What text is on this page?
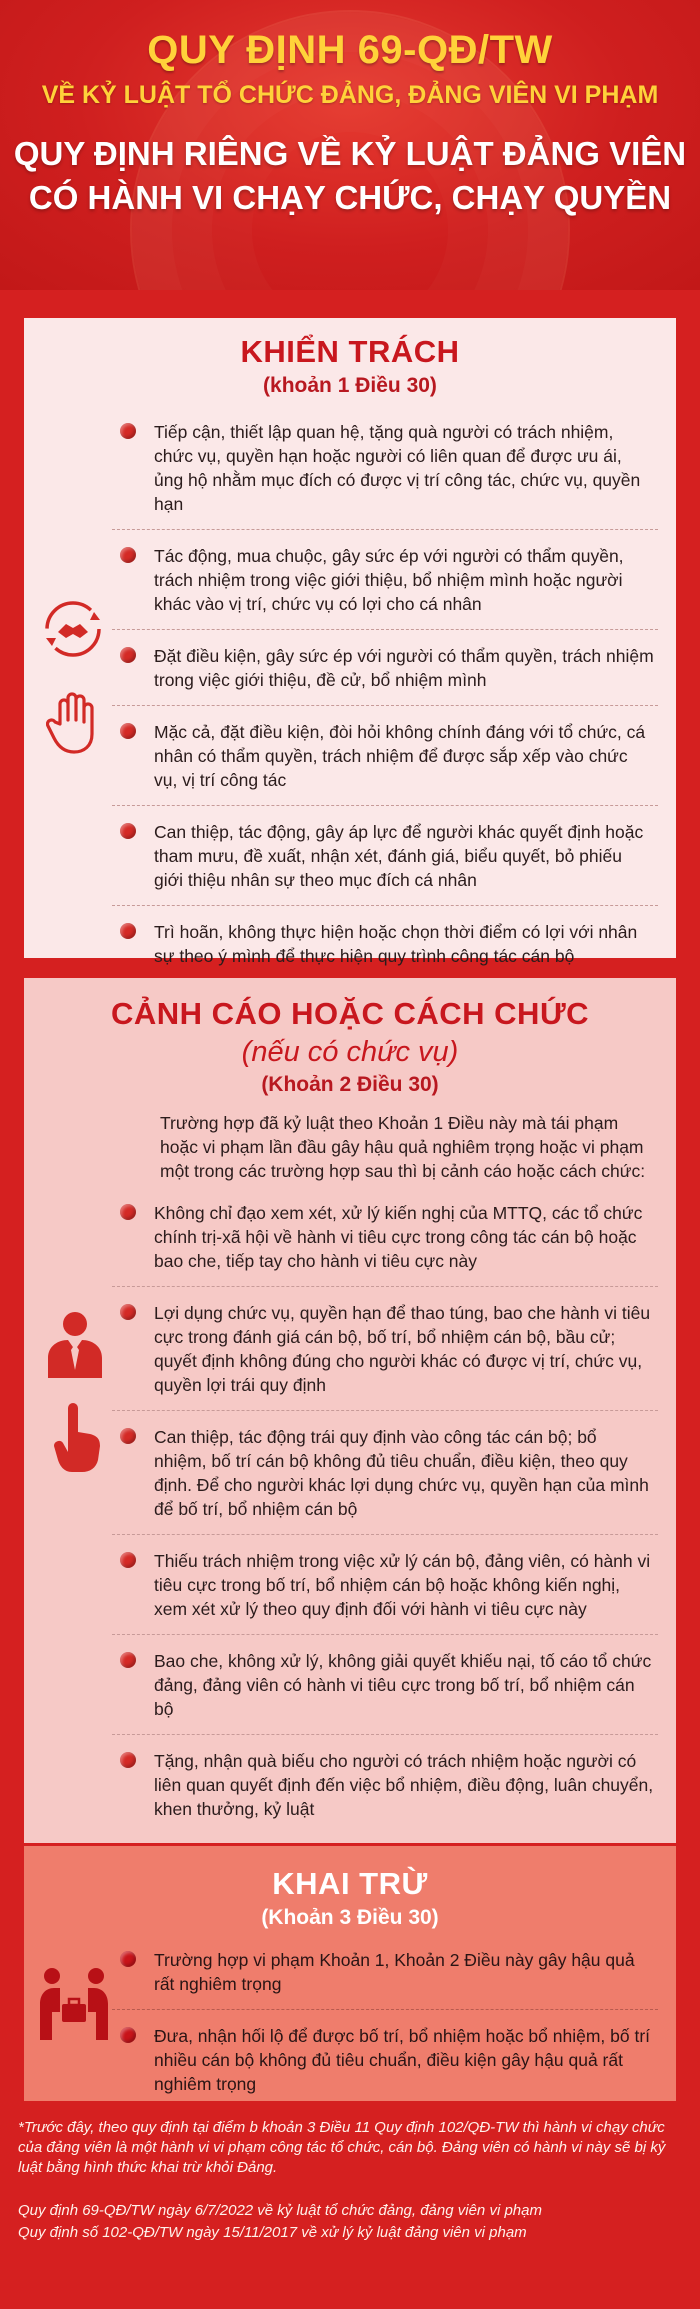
QUY ĐỊNH 69-QĐ/TW
VỀ KỶ LUẬT TỔ CHỨC ĐẢNG, ĐẢNG VIÊN VI PHẠM
QUY ĐỊNH RIÊNG VỀ KỶ LUẬT ĐẢNG VIÊN
CÓ HÀNH VI CHẠY CHỨC, CHẠY QUYỀN
KHIỂN TRÁCH
(khoản 1 Điều 30)
Tiếp cận, thiết lập quan hệ, tặng quà người có trách nhiệm, chức vụ, quyền hạn hoặc người có liên quan để được ưu ái, ủng hộ nhằm mục đích có được vị trí công tác, chức vụ, quyền hạn
Tác động, mua chuộc, gây sức ép với người có thẩm quyền, trách nhiệm trong việc giới thiệu, bổ nhiệm mình hoặc người khác vào vị trí, chức vụ có lợi cho cá nhân
Đặt điều kiện, gây sức ép với người có thẩm quyền, trách nhiệm trong việc giới thiệu, đề cử, bổ nhiệm mình
Mặc cả, đặt điều kiện, đòi hỏi không chính đáng với tổ chức, cá nhân có thẩm quyền, trách nhiệm để được sắp xếp vào chức vụ, vị trí công tác
Can thiệp, tác động, gây áp lực để người khác quyết định hoặc tham mưu, đề xuất, nhận xét, đánh giá, biểu quyết, bỏ phiếu giới thiệu nhân sự theo mục đích cá nhân
Trì hoãn, không thực hiện hoặc chọn thời điểm có lợi với nhân sự theo ý mình để thực hiện quy trình công tác cán bộ
CẢNH CÁO HOẶC CÁCH CHỨC
(nếu có chức vụ)
(Khoản 2 Điều 30)
Trường hợp đã kỷ luật theo Khoản 1 Điều này mà tái phạm hoặc vi phạm lần đầu gây hậu quả nghiêm trọng hoặc vi phạm một trong các trường hợp sau thì bị cảnh cáo hoặc cách chức:
Không chỉ đạo xem xét, xử lý kiến nghị của MTTQ, các tổ chức chính trị-xã hội về hành vi tiêu cực trong công tác cán bộ hoặc bao che, tiếp tay cho hành vi tiêu cực này
Lợi dụng chức vụ, quyền hạn để thao túng, bao che hành vi tiêu cực trong đánh giá cán bộ, bố trí, bổ nhiệm cán bộ, bầu cử; quyết định không đúng cho người khác có được vị trí, chức vụ, quyền lợi trái quy định
Can thiệp, tác động trái quy định vào công tác cán bộ; bổ nhiệm, bố trí cán bộ không đủ tiêu chuẩn, điều kiện, theo quy định. Để cho người khác lợi dụng chức vụ, quyền hạn của mình để bố trí, bổ nhiệm cán bộ
Thiếu trách nhiệm trong việc xử lý cán bộ, đảng viên, có hành vi tiêu cực trong bố trí, bổ nhiệm cán bộ hoặc không kiến nghị, xem xét xử lý theo quy định đối với hành vi tiêu cực này
Bao che, không xử lý, không giải quyết khiếu nại, tố cáo tổ chức đảng, đảng viên có hành vi tiêu cực trong bố trí, bổ nhiệm cán bộ
Tặng, nhận quà biếu cho người có trách nhiệm hoặc người có liên quan quyết định đến việc bổ nhiệm, điều động, luân chuyển, khen thưởng, kỷ luật
KHAI TRỪ
(Khoản 3 Điều 30)
Trường hợp vi phạm Khoản 1, Khoản 2 Điều này gây hậu quả rất nghiêm trọng
Đưa, nhận hối lộ để được bố trí, bổ nhiệm hoặc bổ nhiệm, bố trí nhiều cán bộ không đủ tiêu chuẩn, điều kiện gây hậu quả rất nghiêm trọng
*Trước đây, theo quy định tại điểm b khoản 3 Điều 11 Quy định 102/QĐ-TW thì hành vi chạy chức của đảng viên là một hành vi vi phạm công tác tổ chức, cán bộ. Đảng viên có hành vi này sẽ bị kỷ luật bằng hình thức khai trừ khỏi Đảng.
Quy định 69-QĐ/TW ngày 6/7/2022 về kỷ luật tổ chức đảng, đảng viên vi phạm
Quy định số 102-QĐ/TW ngày 15/11/2017 về xử lý kỷ luật đảng viên vi phạm
